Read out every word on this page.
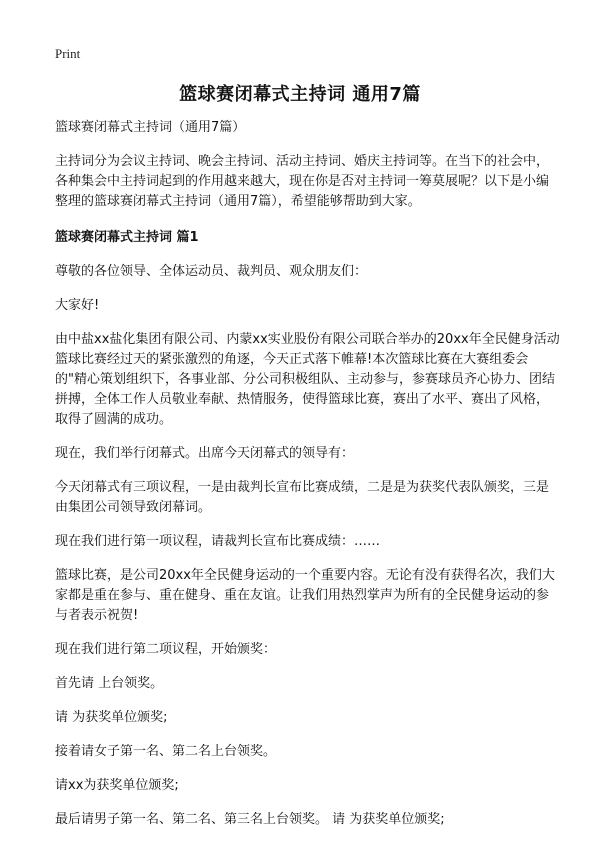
Print
篮球赛闭幕式主持词 通用7篇

篮球赛闭幕式主持词（通用7篇）

主持词分为会议主持词、晚会主持词、活动主持词、婚庆主持词等。在当下的社会中，各种集会中主持词起到的作用越来越大，现在你是否对主持词一筹莫展呢？以下是小编整理的篮球赛闭幕式主持词（通用7篇），希望能够帮助到大家。

篮球赛闭幕式主持词 篇1

尊敬的各位领导、全体运动员、裁判员、观众朋友们：

大家好!

由中盐xx盐化集团有限公司、内蒙xx实业股份有限公司联合举办的20xx年全民健身活动篮球比赛经过天的紧张激烈的角逐，今天正式落下帷幕!本次篮球比赛在大赛组委会的"精心策划组织下，各事业部、分公司积极组队、主动参与，参赛球员齐心协力、团结拼搏，全体工作人员敬业奉献、热情服务，使得篮球比赛，赛出了水平、赛出了风格，取得了圆满的成功。

现在，我们举行闭幕式。出席今天闭幕式的领导有：

今天闭幕式有三项议程，一是由裁判长宣布比赛成绩，二是是为获奖代表队颁奖，三是由集团公司领导致闭幕词。

现在我们进行第一项议程，请裁判长宣布比赛成绩：……

篮球比赛，是公司20xx年全民健身运动的一个重要内容。无论有没有获得名次，我们大家都是重在参与、重在健身、重在友谊。让我们用热烈掌声为所有的全民健身运动的参与者表示祝贺!

现在我们进行第二项议程，开始颁奖：

首先请 上台领奖。

请 为获奖单位颁奖;

接着请女子第一名、第二名上台领奖。

请xx为获奖单位颁奖;

最后请男子第一名、第二名、第三名上台领奖。 请 为获奖单位颁奖;
